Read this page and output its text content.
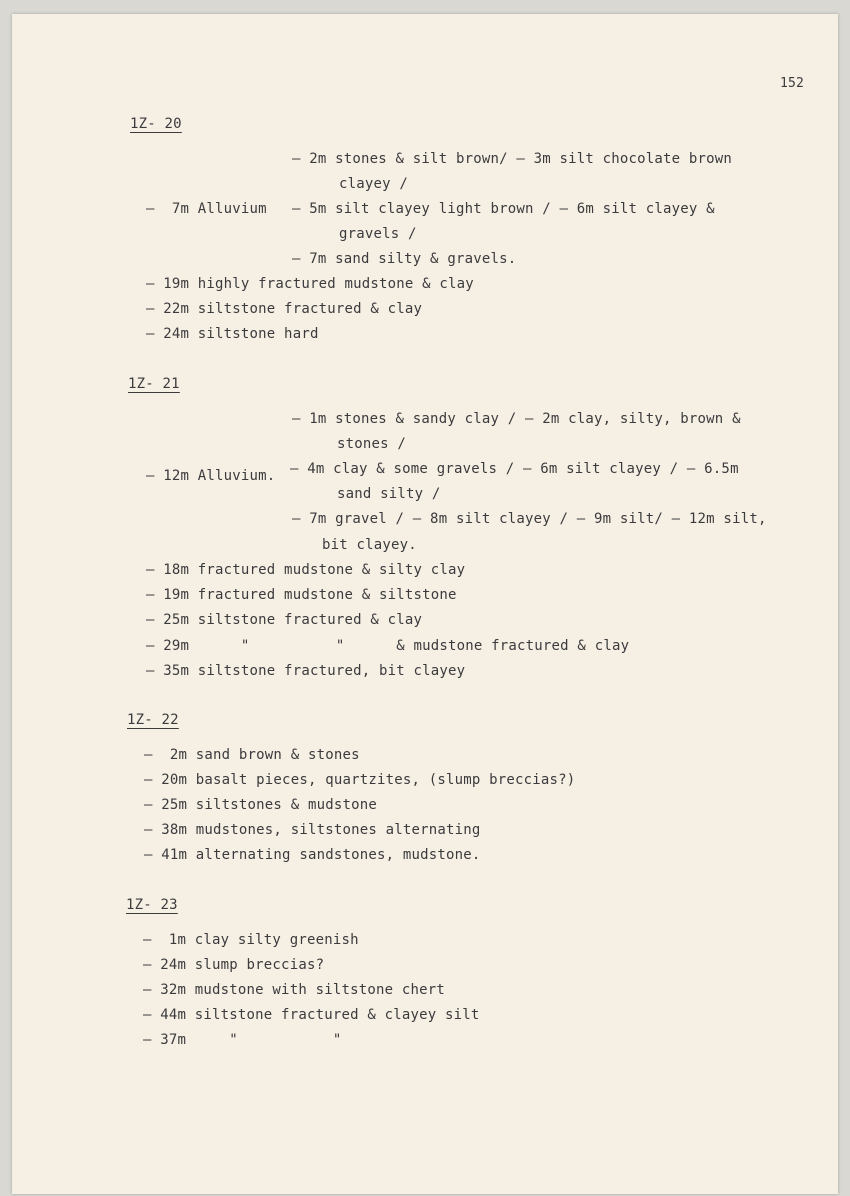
152
1Z- 20
– 2m stones & silt brown/ – 3m silt chocolate brown
clayey /
–  7m Alluvium – 5m silt clayey light brown / – 6m silt clayey &
gravels /
– 7m sand silty & gravels.
– 19m highly fractured mudstone & clay
– 22m siltstone fractured & clay
– 24m siltstone hard
1Z- 21
– 1m stones & sandy clay / – 2m clay, silty, brown &
stones /
– 12m Alluvium. – 4m clay & some gravels / – 6m silt clayey / – 6.5m
sand silty /
– 7m gravel / – 8m silt clayey / – 9m silt/ – 12m silt,
bit clayey.
– 18m fractured mudstone & silty clay
– 19m fractured mudstone & siltstone
– 25m siltstone fractured & clay
– 29m      "          "      & mudstone fractured & clay
– 35m siltstone fractured, bit clayey
1Z- 22
–  2m sand brown & stones
– 20m basalt pieces, quartzites, (slump breccias?)
– 25m siltstones & mudstone
– 38m mudstones, siltstones alternating
– 41m alternating sandstones, mudstone.
1Z- 23
–  1m clay silty greenish
– 24m slump breccias?
– 32m mudstone with siltstone chert
– 44m siltstone fractured & clayey silt
– 37m     "           "
